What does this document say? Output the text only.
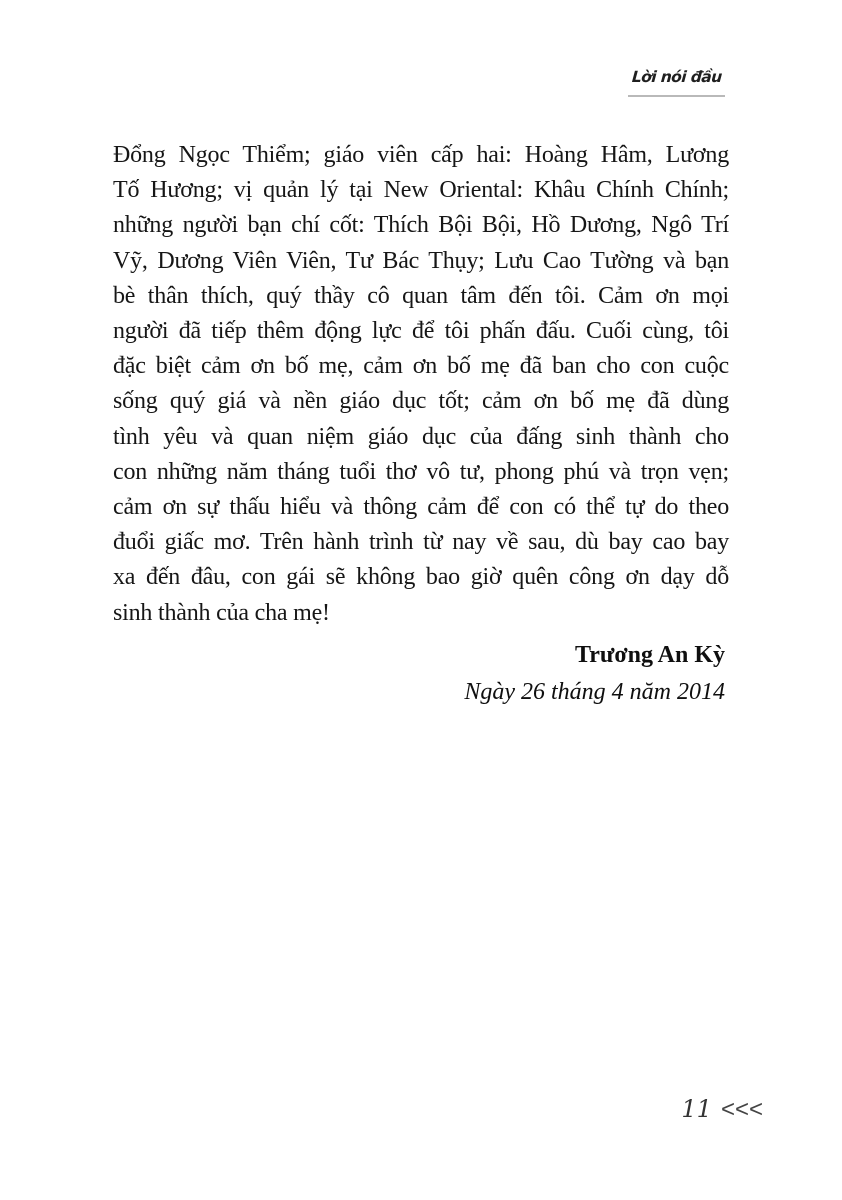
Lời nói đầu
Đổng Ngọc Thiểm; giáo viên cấp hai: Hoàng Hâm, Lương
Tố Hương; vị quản lý tại New Oriental: Khâu Chính Chính;
những người bạn chí cốt: Thích Bội Bội, Hồ Dương, Ngô Trí
Vỹ, Dương Viên Viên, Tư Bác Thụy; Lưu Cao Tường và bạn
bè thân thích, quý thầy cô quan tâm đến tôi. Cảm ơn mọi
người đã tiếp thêm động lực để tôi phấn đấu. Cuối cùng, tôi
đặc biệt cảm ơn bố mẹ, cảm ơn bố mẹ đã ban cho con cuộc
sống quý giá và nền giáo dục tốt; cảm ơn bố mẹ đã dùng
tình yêu và quan niệm giáo dục của đấng sinh thành cho
con những năm tháng tuổi thơ vô tư, phong phú và trọn vẹn;
cảm ơn sự thấu hiểu và thông cảm để con có thể tự do theo
đuổi giấc mơ. Trên hành trình từ nay về sau, dù bay cao bay
xa đến đâu, con gái sẽ không bao giờ quên công ơn dạy dỗ
sinh thành của cha mẹ!
Trương An Kỳ
Ngày 26 tháng 4 năm 2014
11 <<<
